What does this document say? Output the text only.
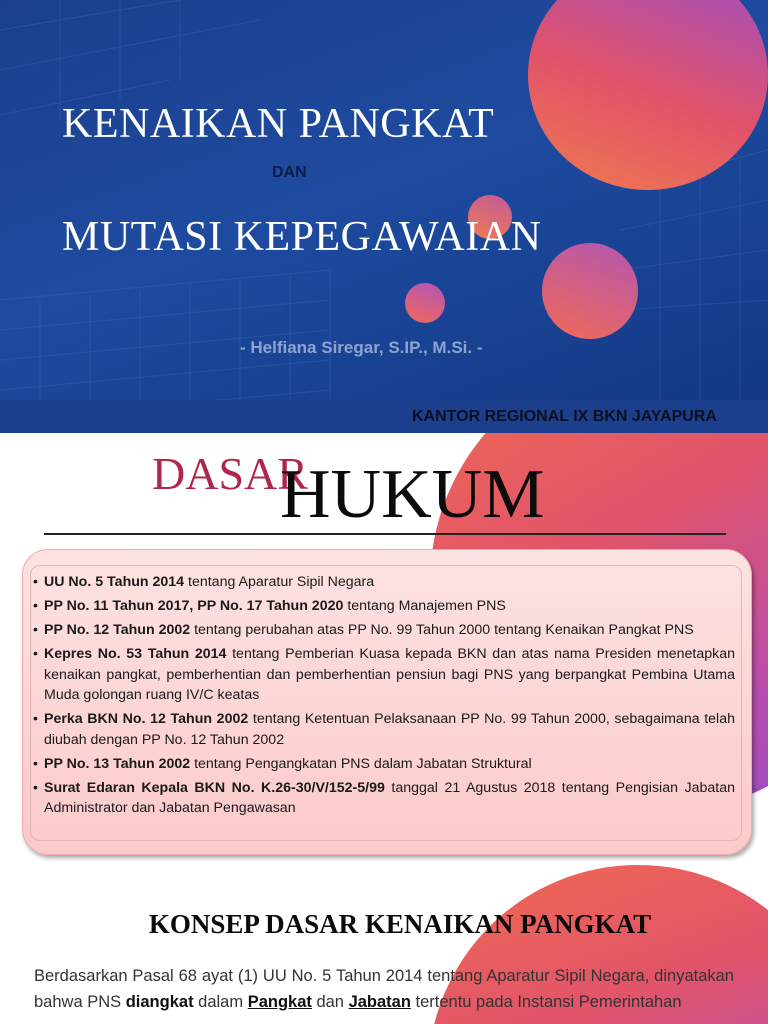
KENAIKAN PANGKAT
DAN
MUTASI KEPEGAWAIAN
- Helfiana Siregar, S.IP., M.Si. -
KANTOR REGIONAL IX BKN JAYAPURA
DASAR
HUKUM
• UU No. 5 Tahun 2014 tentang Aparatur Sipil Negara
• PP No. 11 Tahun 2017, PP No. 17 Tahun 2020 tentang Manajemen PNS
• PP No. 12 Tahun 2002 tentang perubahan atas PP No. 99 Tahun 2000 tentang Kenaikan Pangkat PNS
• Kepres No. 53 Tahun 2014 tentang Pemberian Kuasa kepada BKN dan atas nama Presiden menetapkan kenaikan pangkat, pemberhentian dan pemberhentian pensiun bagi PNS yang berpangkat Pembina Utama Muda golongan ruang IV/C keatas
• Perka BKN No. 12 Tahun 2002 tentang Ketentuan Pelaksanaan PP No. 99 Tahun 2000, sebagaimana telah diubah dengan PP No. 12 Tahun 2002
• PP No. 13 Tahun 2002 tentang Pengangkatan PNS dalam Jabatan Struktural
• Surat Edaran Kepala BKN No. K.26-30/V/152-5/99 tanggal 21 Agustus 2018 tentang Pengisian Jabatan Administrator dan Jabatan Pengawasan
KONSEP DASAR KENAIKAN PANGKAT

Berdasarkan Pasal 68 ayat (1) UU No. 5 Tahun 2014 tentang Aparatur Sipil Negara, dinyatakan bahwa PNS diangkat dalam Pangkat dan Jabatan tertentu pada Instansi Pemerintahan
